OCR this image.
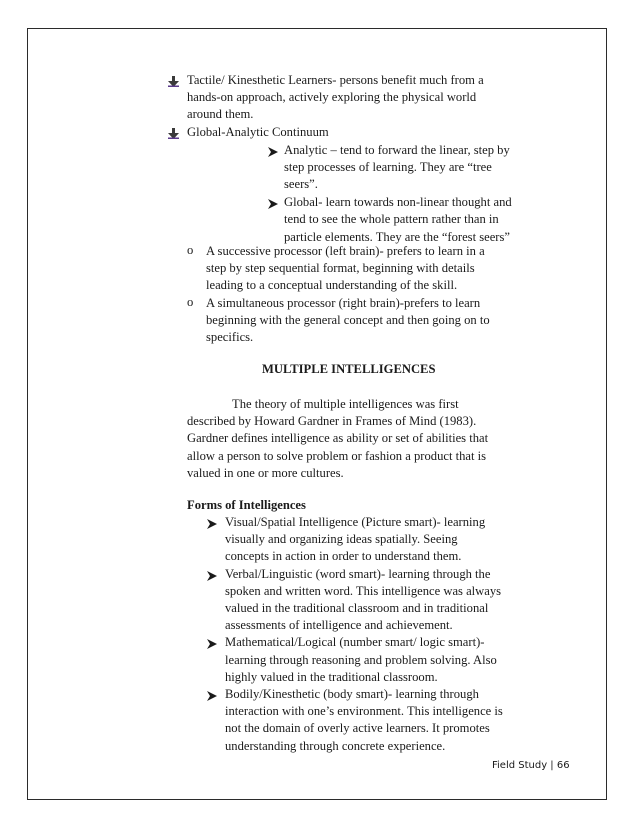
MULTIPLE INTELLIGENCES
Forms of Intelligences
Tactile/ Kinesthetic Learners- persons benefit much from a
hands-on approach, actively exploring the physical world
around them.
Global-Analytic Continuum
Analytic – tend to forward the linear, step by
step processes of learning. They are “tree
seers”.
Global- learn towards non-linear thought and
tend to see the whole pattern rather than in
particle elements. They are the “forest seers”
o A successive processor (left brain)- prefers to learn in a
step by step sequential format, beginning with details
leading to a conceptual understanding of the skill.
o A simultaneous processor (right brain)-prefers to learn
beginning with the general concept and then going on to
specifics.
The theory of multiple intelligences was first
described by Howard Gardner in Frames of Mind (1983).
Gardner defines intelligence as ability or set of abilities that
allow a person to solve problem or fashion a product that is
valued in one or more cultures.
Visual/Spatial Intelligence (Picture smart)- learning
visually and organizing ideas spatially. Seeing
concepts in action in order to understand them.
Verbal/Linguistic (word smart)- learning through the
spoken and written word. This intelligence was always
valued in the traditional classroom and in traditional
assessments of intelligence and achievement.
Mathematical/Logical (number smart/ logic smart)-
learning through reasoning and problem solving. Also
highly valued in the traditional classroom.
Bodily/Kinesthetic (body smart)- learning through
interaction with one’s environment. This intelligence is
not the domain of overly active learners. It promotes
understanding through concrete experience.
Field Study | 66
